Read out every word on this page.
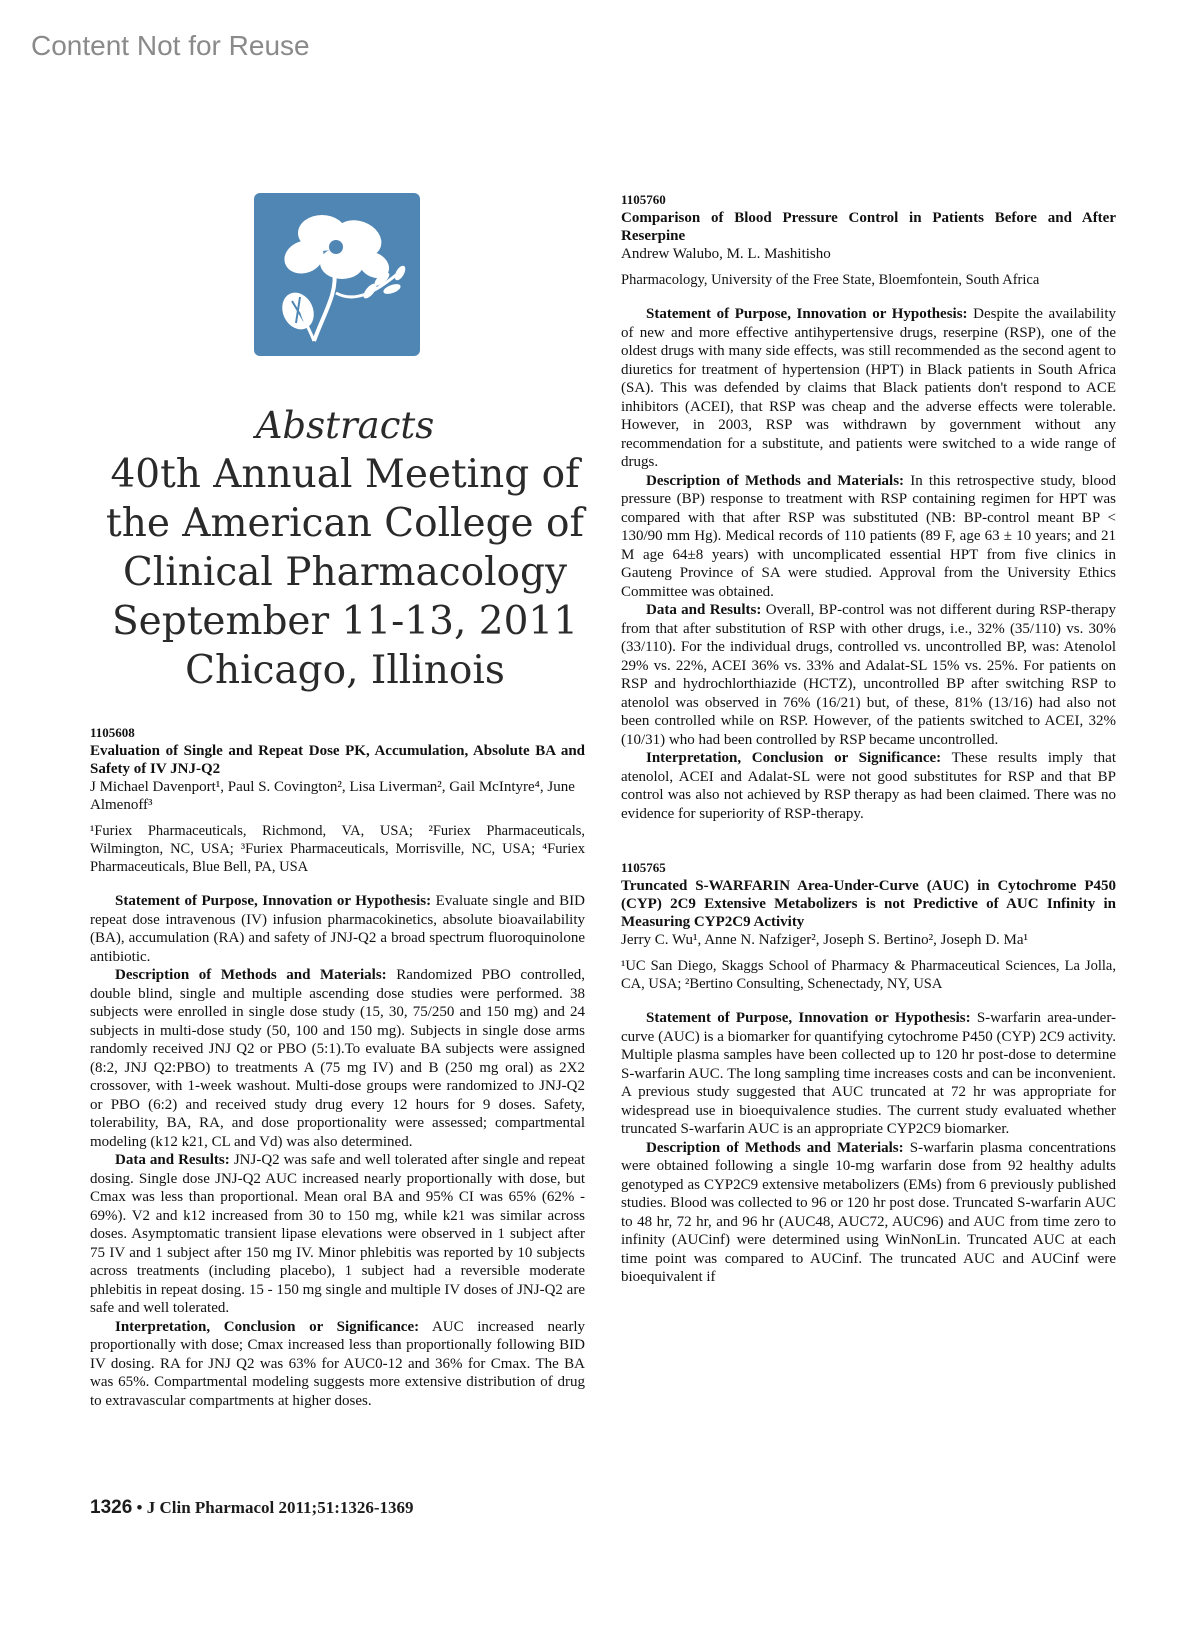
Content Not for Reuse
Abstracts
40th Annual Meeting of
the American College of
Clinical Pharmacology
September 11-13, 2011
Chicago, Illinois
1105608
Evaluation of Single and Repeat Dose PK, Accumulation, Absolute BA and Safety of IV JNJ-Q2
J Michael Davenport¹, Paul S. Covington², Lisa Liverman², Gail McIntyre⁴, June Almenoff³
¹Furiex Pharmaceuticals, Richmond, VA, USA; ²Furiex Pharmaceuticals, Wilmington, NC, USA; ³Furiex Pharmaceuticals, Morrisville, NC, USA; ⁴Furiex Pharmaceuticals, Blue Bell, PA, USA

Statement of Purpose, Innovation or Hypothesis: Evaluate single and BID repeat dose intravenous (IV) infusion pharmacokinetics, absolute bioavailability (BA), accumulation (RA) and safety of JNJ-Q2 a broad spectrum fluoroquinolone antibiotic.

Description of Methods and Materials: Randomized PBO controlled, double blind, single and multiple ascending dose studies were performed. 38 subjects were enrolled in single dose study (15, 30, 75/250 and 150 mg) and 24 subjects in multi-dose study (50, 100 and 150 mg). Subjects in single dose arms randomly received JNJ Q2 or PBO (5:1).To evaluate BA subjects were assigned (8:2, JNJ Q2:PBO) to treatments A (75 mg IV) and B (250 mg oral) as 2X2 crossover, with 1-week washout. Multi-dose groups were randomized to JNJ-Q2 or PBO (6:2) and received study drug every 12 hours for 9 doses. Safety, tolerability, BA, RA, and dose proportionality were assessed; compartmental modeling (k12 k21, CL and Vd) was also determined.

Data and Results: JNJ-Q2 was safe and well tolerated after single and repeat dosing. Single dose JNJ-Q2 AUC increased nearly proportionally with dose, but Cmax was less than proportional. Mean oral BA and 95% CI was 65% (62% - 69%). V2 and k12 increased from 30 to 150 mg, while k21 was similar across doses. Asymptomatic transient lipase elevations were observed in 1 subject after 75 IV and 1 subject after 150 mg IV. Minor phlebitis was reported by 10 subjects across treatments (including placebo), 1 subject had a reversible moderate phlebitis in repeat dosing. 15 - 150 mg single and multiple IV doses of JNJ-Q2 are safe and well tolerated.

Interpretation, Conclusion or Significance: AUC increased nearly proportionally with dose; Cmax increased less than proportionally following BID IV dosing. RA for JNJ Q2 was 63% for AUC0-12 and 36% for Cmax. The BA was 65%. Compartmental modeling suggests more extensive distribution of drug to extravascular compartments at higher doses.

1105760
Comparison of Blood Pressure Control in Patients Before and After Reserpine
Andrew Walubo, M. L. Mashitisho
Pharmacology, University of the Free State, Bloemfontein, South Africa

Statement of Purpose, Innovation or Hypothesis: Despite the availability of new and more effective antihypertensive drugs, reserpine (RSP), one of the oldest drugs with many side effects, was still recommended as the second agent to diuretics for treatment of hypertension (HPT) in Black patients in South Africa (SA). This was defended by claims that Black patients don't respond to ACE inhibitors (ACEI), that RSP was cheap and the adverse effects were tolerable. However, in 2003, RSP was withdrawn by government without any recommendation for a substitute, and patients were switched to a wide range of drugs.

Description of Methods and Materials: In this retrospective study, blood pressure (BP) response to treatment with RSP containing regimen for HPT was compared with that after RSP was substituted (NB: BP-control meant BP < 130/90 mm Hg). Medical records of 110 patients (89 F, age 63 ± 10 years; and 21 M age 64±8 years) with uncomplicated essential HPT from five clinics in Gauteng Province of SA were studied. Approval from the University Ethics Committee was obtained.

Data and Results: Overall, BP-control was not different during RSP-therapy from that after substitution of RSP with other drugs, i.e., 32% (35/110) vs. 30% (33/110). For the individual drugs, controlled vs. uncontrolled BP, was: Atenolol 29% vs. 22%, ACEI 36% vs. 33% and Adalat-SL 15% vs. 25%. For patients on RSP and hydrochlorthiazide (HCTZ), uncontrolled BP after switching RSP to atenolol was observed in 76% (16/21) but, of these, 81% (13/16) had also not been controlled while on RSP. However, of the patients switched to ACEI, 32% (10/31) who had been controlled by RSP became uncontrolled.

Interpretation, Conclusion or Significance: These results imply that atenolol, ACEI and Adalat-SL were not good substitutes for RSP and that BP control was also not achieved by RSP therapy as had been claimed. There was no evidence for superiority of RSP-therapy.

1105765
Truncated S-WARFARIN Area-Under-Curve (AUC) in Cytochrome P450 (CYP) 2C9 Extensive Metabolizers is not Predictive of AUC Infinity in Measuring CYP2C9 Activity
Jerry C. Wu¹, Anne N. Nafziger², Joseph S. Bertino², Joseph D. Ma¹
¹UC San Diego, Skaggs School of Pharmacy & Pharmaceutical Sciences, La Jolla, CA, USA; ²Bertino Consulting, Schenectady, NY, USA

Statement of Purpose, Innovation or Hypothesis: S-warfarin area-under-curve (AUC) is a biomarker for quantifying cytochrome P450 (CYP) 2C9 activity. Multiple plasma samples have been collected up to 120 hr post-dose to determine S-warfarin AUC. The long sampling time increases costs and can be inconvenient. A previous study suggested that AUC truncated at 72 hr was appropriate for widespread use in bioequivalence studies. The current study evaluated whether truncated S-warfarin AUC is an appropriate CYP2C9 biomarker.

Description of Methods and Materials: S-warfarin plasma concentrations were obtained following a single 10-mg warfarin dose from 92 healthy adults genotyped as CYP2C9 extensive metabolizers (EMs) from 6 previously published studies. Blood was collected to 96 or 120 hr post dose. Truncated S-warfarin AUC to 48 hr, 72 hr, and 96 hr (AUC48, AUC72, AUC96) and AUC from time zero to infinity (AUCinf) were determined using WinNonLin. Truncated AUC at each time point was compared to AUCinf. The truncated AUC and AUCinf were bioequivalent if

1326 • J Clin Pharmacol 2011;51:1326-1369
